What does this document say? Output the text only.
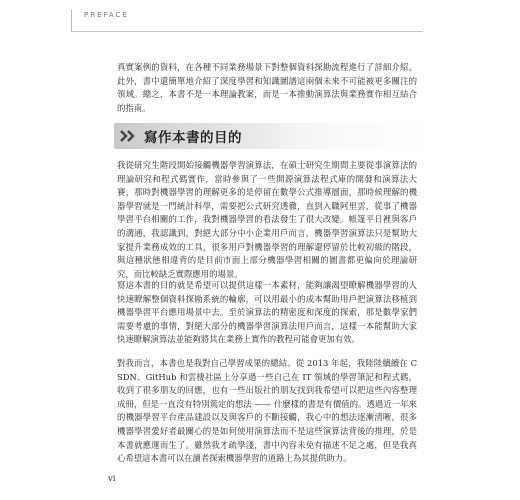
PREFACE

真實案例的資料，在各種不同業務場景下對整個資料探勘流程進行了詳細介紹。此外，書中還簡單地介紹了深度學習和知識圖譜這兩個未來不可能被更多關注的領域。總之，本書不是一本理論教案，而是一本推動演算法與業務實作相互結合的指南。

寫作本書的目的

我從研究生階段開始接觸機器學習演算法，在碩士研究生期間主要從事演算法的理論研究和程式碼實作，當時參與了一些開源演算法程式庫的開發和演算法大賽，那時對機器學習的理解更多的是停留在數學公式推導層面，那時候理解的機器學習就是一門統計科學，需要把公式研究透徹，直到入職阿里雲，從事了機器學習平台相關的工作，我對機器學習的看法發生了很大改變。帳篷平日裡與客戶的溝通，我認識到，對絕大部分中小企業用戶而言，機器學習演算法只是幫助大家提升業務成效的工具，很多用戶對機器學習的理解還停留於比較初級的階段，與這種狀態相違背的是目前市面上部分機器學習相關的圖書都更偏向於理論研究，而比較缺乏實際應用的場景。

寫這本書的目的就是希望可以提供這樣一本素材，能夠讓渴望瞭解機器學習的人快速瞭解整個資料探勘系統的輪廓，可以用最小的成本幫助用戶把演算法移植到機器學習平台應用場景中去。至於演算法的精密度和深度的探索，那是數學家們需要考慮的事情，對絕大部分的機器學習演算法用戶而言，這樣一本能幫助大家快速瞭解演算法並能夠將其在業務上實作的教程可能會更加有效。

對我而言，本書也是我對自己學習成果的總結。從 2013 年起，我陸陸續續在 CSDN、GitHub 和雲棲社區上分享過一些自己在 IT 領域的學習筆記和程式碼，收到了很多朋友的回應，也有一些出版社的朋友找到我希望可以把這些內容整理成冊，但是一直沒有特別篤定的想法 —— 什麼樣的書是有價值的。透過近一年來的機器學習平台產品建設以及與客戶的不斷接觸，我心中的想法逐漸清晰，很多機器學習愛好者最關心的是如何使用演算法而不是這些演算法背後的推理，於是本書就應運而生了。雖然我才疏學淺，書中內容未免有描述不足之處，但是我真心希望這本書可以在讀者探索機器學習的道路上為其提供助力。

vi
